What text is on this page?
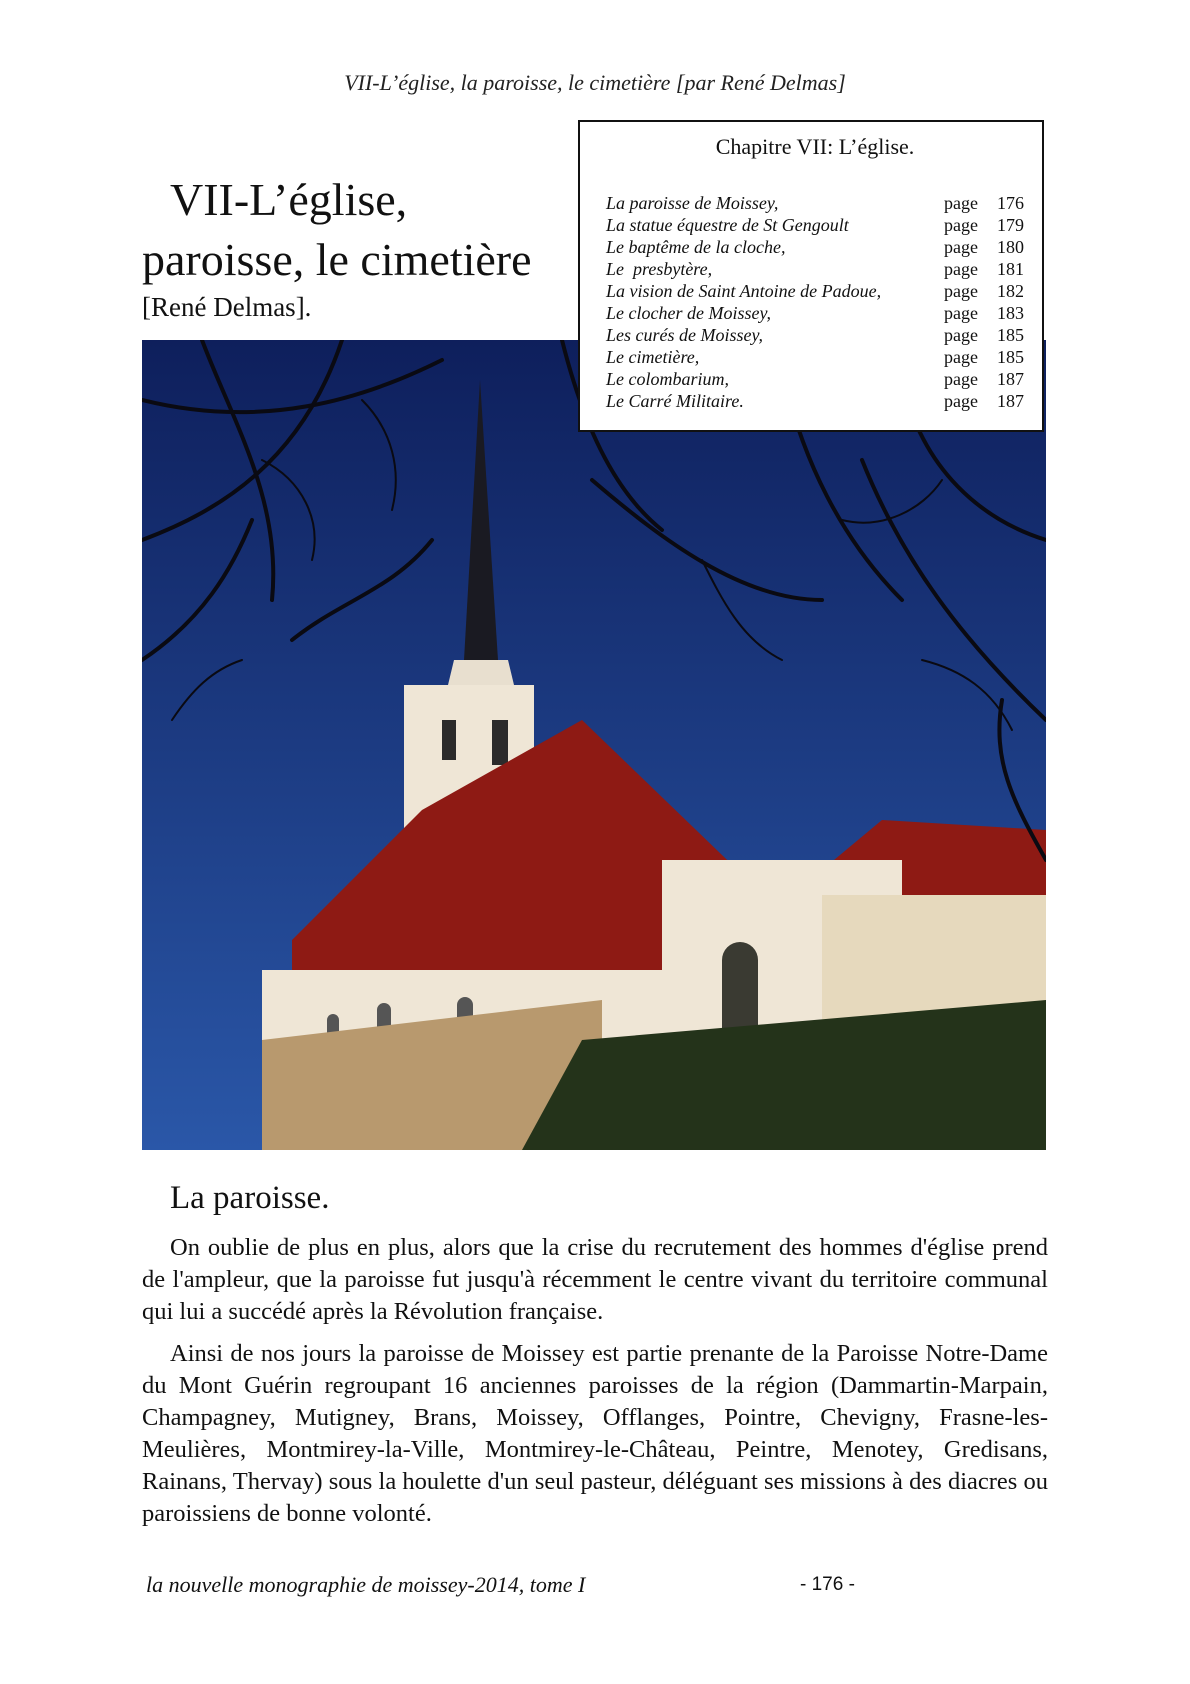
VII-L’église, la paroisse, le cimetière [par René Delmas]
VII-L’église,
paroisse, le cimetière
[René Delmas].
Chapitre VII: L’église.
La paroisse de Moissey,	page 176
La statue équestre de St Gengoult	page 179
Le baptême de la cloche,	page 180
Le  presbytère,	page 181
La vision de Saint Antoine de Padoue,	page 182
Le clocher de Moissey,	page 183
Les curés de Moissey,	page 185
Le cimetière,	page 185
Le colombarium,	page 187
Le Carré Militaire.	page 187
La paroisse.

On oublie de plus en plus, alors que la crise du recrutement des hommes d'église prend de l'ampleur, que la paroisse fut jusqu'à récemment le centre vivant du territoire communal qui lui a succédé après la Révolution française.

Ainsi de nos jours la paroisse de Moissey est partie prenante de la Paroisse Notre-Dame du Mont Guérin regroupant 16 anciennes paroisses de la région (Dammartin-Marpain, Champagney, Mutigney, Brans, Moissey, Offlanges, Pointre, Chevigny, Frasne-les-Meulières, Montmirey-la-Ville, Montmirey-le-Château, Peintre, Menotey, Gredisans, Rainans, Thervay) sous la houlette d'un seul pasteur, déléguant ses missions à des diacres ou paroissiens de bonne volonté.

la nouvelle monographie de moissey-2014, tome I	- 176 -
